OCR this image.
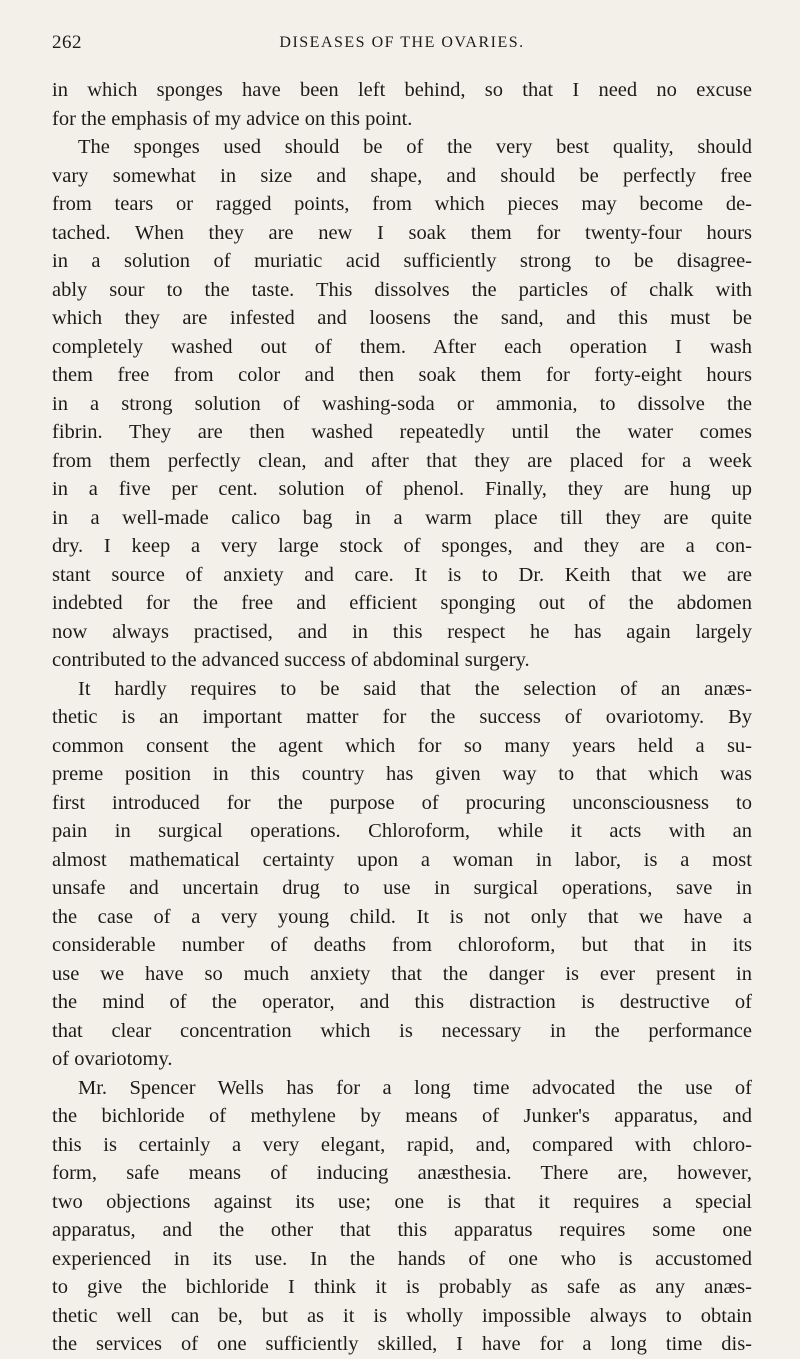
262	DISEASES OF THE OVARIES.
in which sponges have been left behind, so that I need no excuse
for the emphasis of my advice on this point.
The sponges used should be of the very best quality, should
vary somewhat in size and shape, and should be perfectly free
from tears or ragged points, from which pieces may become de-
tached. When they are new I soak them for twenty-four hours
in a solution of muriatic acid sufficiently strong to be disagree-
ably sour to the taste. This dissolves the particles of chalk with
which they are infested and loosens the sand, and this must be
completely washed out of them. After each operation I wash
them free from color and then soak them for forty-eight hours
in a strong solution of washing-soda or ammonia, to dissolve the
fibrin. They are then washed repeatedly until the water comes
from them perfectly clean, and after that they are placed for a week
in a five per cent. solution of phenol. Finally, they are hung up
in a well-made calico bag in a warm place till they are quite
dry. I keep a very large stock of sponges, and they are a con-
stant source of anxiety and care. It is to Dr. Keith that we are
indebted for the free and efficient sponging out of the abdomen
now always practised, and in this respect he has again largely
contributed to the advanced success of abdominal surgery.
It hardly requires to be said that the selection of an anæs-
thetic is an important matter for the success of ovariotomy. By
common consent the agent which for so many years held a su-
preme position in this country has given way to that which was
first introduced for the purpose of procuring unconsciousness to
pain in surgical operations. Chloroform, while it acts with an
almost mathematical certainty upon a woman in labor, is a most
unsafe and uncertain drug to use in surgical operations, save in
the case of a very young child. It is not only that we have a
considerable number of deaths from chloroform, but that in its
use we have so much anxiety that the danger is ever present in
the mind of the operator, and this distraction is destructive of
that clear concentration which is necessary in the performance
of ovariotomy.
Mr. Spencer Wells has for a long time advocated the use of
the bichloride of methylene by means of Junker's apparatus, and
this is certainly a very elegant, rapid, and, compared with chloro-
form, safe means of inducing anæsthesia. There are, however,
two objections against its use; one is that it requires a special
apparatus, and the other that this apparatus requires some one
experienced in its use. In the hands of one who is accustomed
to give the bichloride I think it is probably as safe as any anæs-
thetic well can be, but as it is wholly impossible always to obtain
the services of one sufficiently skilled, I have for a long time dis-
